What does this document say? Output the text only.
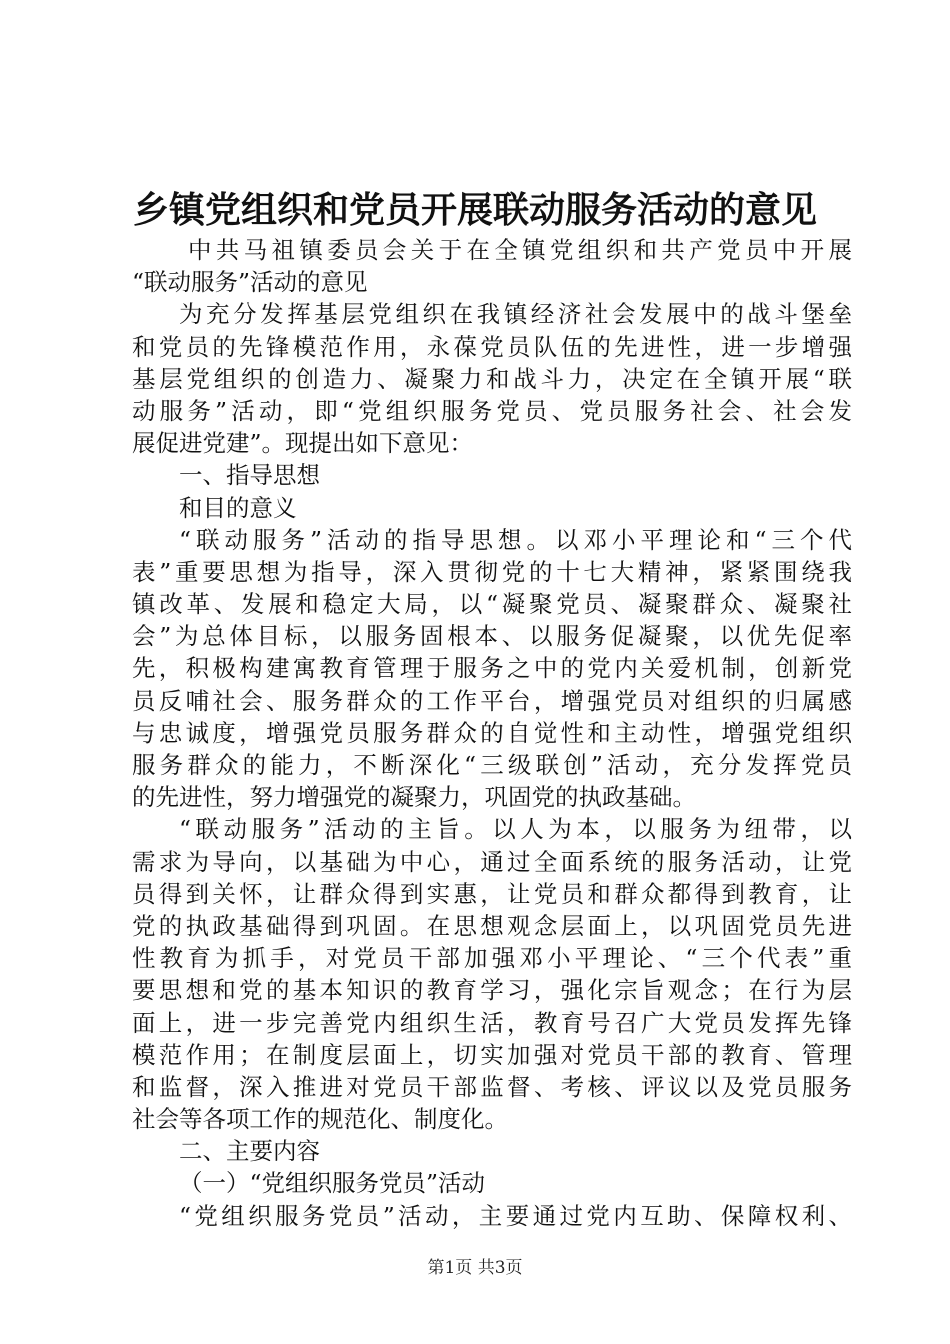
乡镇党组织和党员开展联动服务活动的意见
中共马祖镇委员会关于在全镇党组织和共产党员中开展
“联动服务”活动的意见
为充分发挥基层党组织在我镇经济社会发展中的战斗堡垒
和党员的先锋模范作用，永葆党员队伍的先进性，进一步增强
基层党组织的创造力、凝聚力和战斗力，决定在全镇开展“联
动服务”活动，即“党组织服务党员、党员服务社会、社会发
展促进党建”。现提出如下意见：
一、指导思想
和目的意义
“联动服务”活动的指导思想。以邓小平理论和“三个代
表”重要思想为指导，深入贯彻党的十七大精神，紧紧围绕我
镇改革、发展和稳定大局，以“凝聚党员、凝聚群众、凝聚社
会”为总体目标，以服务固根本、以服务促凝聚，以优先促率
先，积极构建寓教育管理于服务之中的党内关爱机制，创新党
员反哺社会、服务群众的工作平台，增强党员对组织的归属感
与忠诚度，增强党员服务群众的自觉性和主动性，增强党组织
服务群众的能力，不断深化“三级联创”活动，充分发挥党员
的先进性，努力增强党的凝聚力，巩固党的执政基础。
“联动服务”活动的主旨。以人为本，以服务为纽带，以
需求为导向，以基础为中心，通过全面系统的服务活动，让党
员得到关怀，让群众得到实惠，让党员和群众都得到教育，让
党的执政基础得到巩固。在思想观念层面上，以巩固党员先进
性教育为抓手，对党员干部加强邓小平理论、“三个代表”重
要思想和党的基本知识的教育学习，强化宗旨观念；在行为层
面上，进一步完善党内组织生活，教育号召广大党员发挥先锋
模范作用；在制度层面上，切实加强对党员干部的教育、管理
和监督，深入推进对党员干部监督、考核、评议以及党员服务
社会等各项工作的规范化、制度化。
二、主要内容
（一）“党组织服务党员”活动
“党组织服务党员”活动，主要通过党内互助、保障权利、
第1页 共3页
